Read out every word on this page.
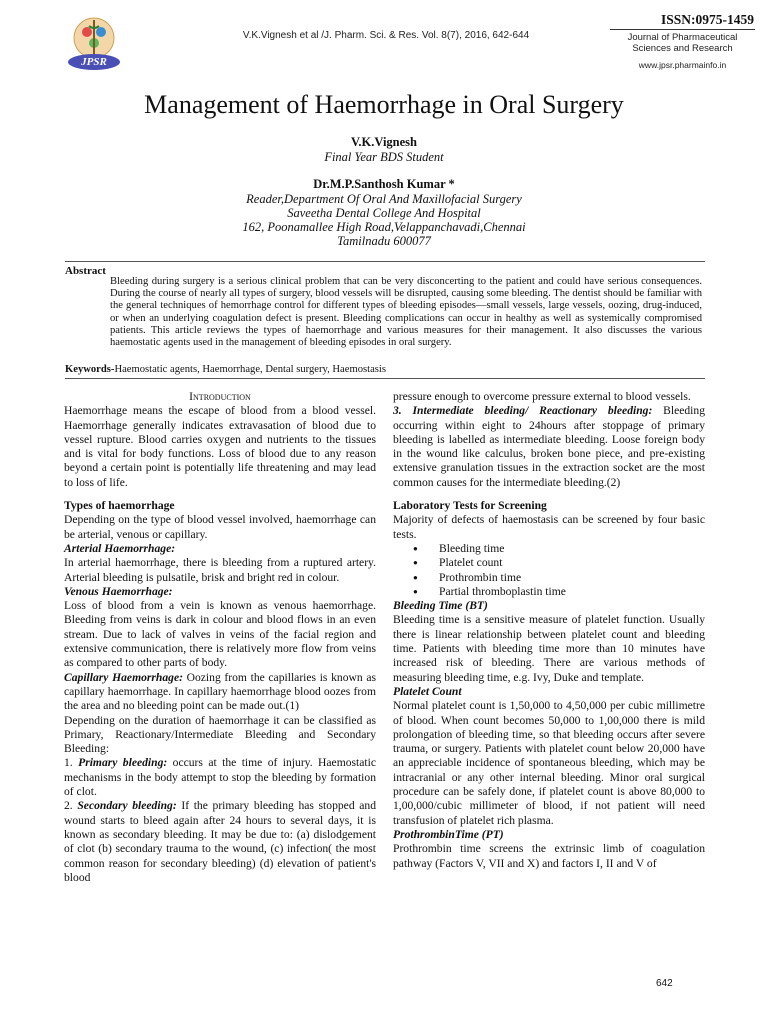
JPSR
V.K.Vignesh et al /J. Pharm. Sci. & Res. Vol. 8(7), 2016, 642-644
ISSN:0975-1459
Journal of Pharmaceutical
Sciences and Research
www.jpsr.pharmainfo.in
Management of Haemorrhage in Oral Surgery
V.K.Vignesh
Final Year BDS Student
Dr.M.P.Santhosh Kumar *
Reader,Department Of Oral And Maxillofacial Surgery
Saveetha Dental College And Hospital
162, Poonamallee High Road,Velappanchavadi,Chennai
Tamilnadu 600077
Abstract
Bleeding during surgery is a serious clinical problem that can be very disconcerting to the patient and could have serious consequences. During the course of nearly all types of surgery, blood vessels will be disrupted, causing some bleeding. The dentist should be familiar with the general techniques of hemorrhage control for different types of bleeding episodes—small vessels, large vessels, oozing, drug-induced, or when an underlying coagulation defect is present. Bleeding complications can occur in healthy as well as systemically compromised patients. This article reviews the types of haemorrhage and various measures for their management. It also discusses the various haemostatic agents used in the management of bleeding episodes in oral surgery.
Keywords-Haemostatic agents, Haemorrhage, Dental surgery, Haemostasis

Introduction

Haemorrhage means the escape of blood from a blood vessel. Haemorrhage generally indicates extravasation of blood due to vessel rupture. Blood carries oxygen and nutrients to the tissues and is vital for body functions. Loss of blood due to any reason beyond a certain point is potentially life threatening and may lead to loss of life.

Types of haemorrhage

Depending on the type of blood vessel involved, haemorrhage can be arterial, venous or capillary.

Arterial Haemorrhage:

In arterial haemorrhage, there is bleeding from a ruptured artery. Arterial bleeding is pulsatile, brisk and bright red in colour.

Venous Haemorrhage:

Loss of blood from a vein is known as venous haemorrhage. Bleeding from veins is dark in colour and blood flows in an even stream. Due to lack of valves in veins of the facial region and extensive communication, there is relatively more flow from veins as compared to other parts of body.

Capillary Haemorrhage: Oozing from the capillaries is known as capillary haemorrhage. In capillary haemorrhage blood oozes from the area and no bleeding point can be made out.(1)

Depending on the duration of haemorrhage it can be classified as Primary, Reactionary/Intermediate Bleeding and Secondary Bleeding:

1. Primary bleeding: occurs at the time of injury. Haemostatic mechanisms in the body attempt to stop the bleeding by formation of clot.

2. Secondary bleeding: If the primary bleeding has stopped and wound starts to bleed again after 24 hours to several days, it is known as secondary bleeding. It may be due to: (a) dislodgement of clot (b) secondary trauma to the wound, (c) infection( the most common reason for secondary bleeding) (d) elevation of patient's blood

pressure enough to overcome pressure external to blood vessels.

3. Intermediate bleeding/ Reactionary bleeding: Bleeding occurring within eight to 24hours after stoppage of primary bleeding is labelled as intermediate bleeding. Loose foreign body in the wound like calculus, broken bone piece, and pre-existing extensive granulation tissues in the extraction socket are the most common causes for the intermediate bleeding.(2)

Laboratory Tests for Screening

Majority of defects of haemostasis can be screened by four basic tests.

● Bleeding time
● Platelet count
● Prothrombin time
● Partial thromboplastin time

Bleeding Time (BT)

Bleeding time is a sensitive measure of platelet function. Usually there is linear relationship between platelet count and bleeding time. Patients with bleeding time more than 10 minutes have increased risk of bleeding. There are various methods of measuring bleeding time, e.g. Ivy, Duke and template.

Platelet Count

Normal platelet count is 1,50,000 to 4,50,000 per cubic millimetre of blood. When count becomes 50,000 to 1,00,000 there is mild prolongation of bleeding time, so that bleeding occurs after severe trauma, or surgery. Patients with platelet count below 20,000 have an appreciable incidence of spontaneous bleeding, which may be intracranial or any other internal bleeding. Minor oral surgical procedure can be safely done, if platelet count is above 80,000 to 1,00,000/cubic millimeter of blood, if not patient will need transfusion of platelet rich plasma.

ProthrombinTime (PT)

Prothrombin time screens the extrinsic limb of coagulation pathway (Factors V, VII and X) and factors I, II and V of

642
